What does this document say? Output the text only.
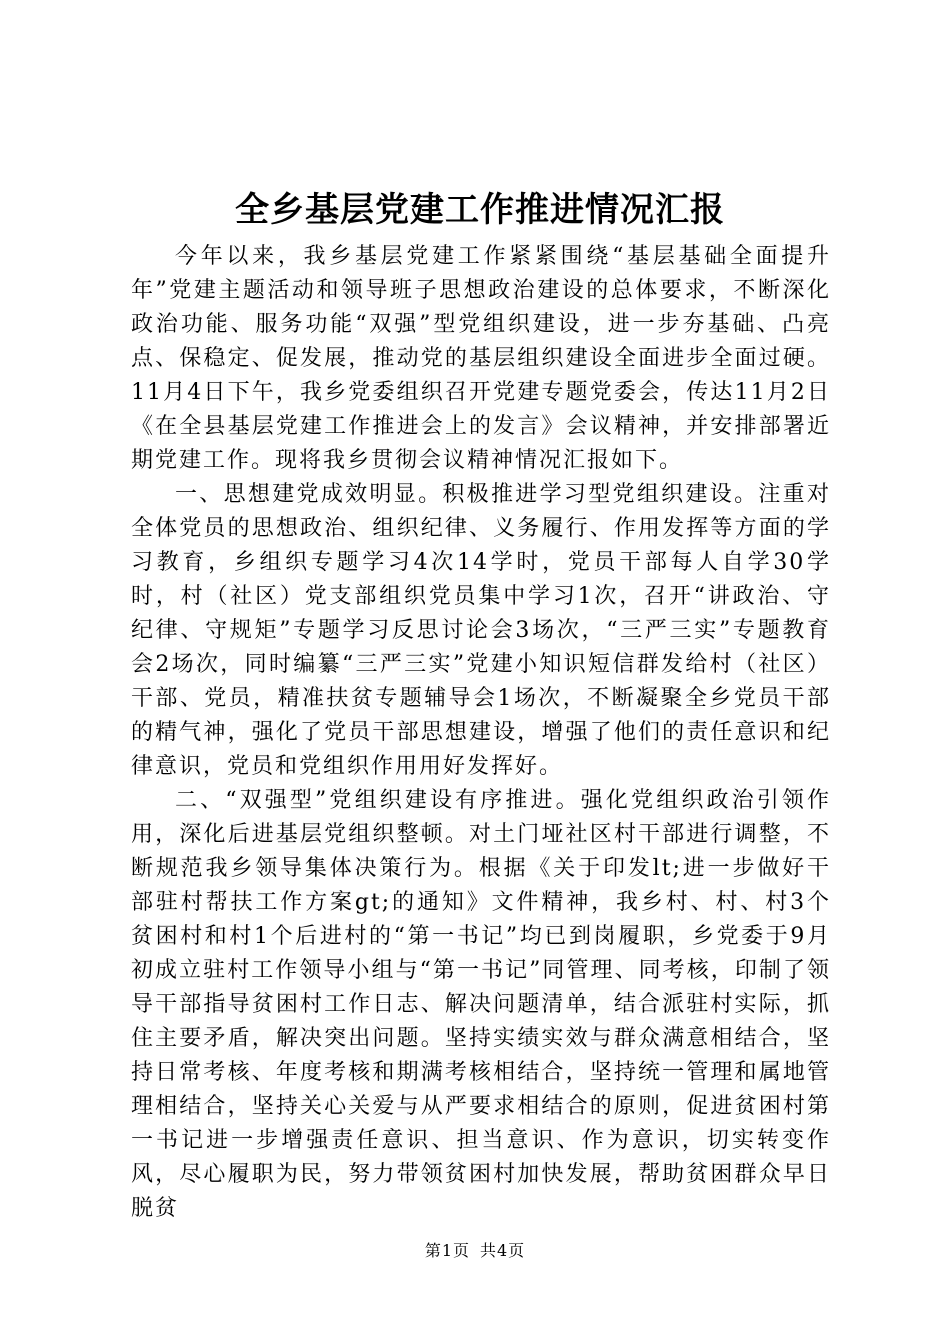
全乡基层党建工作推进情况汇报

今年以来，我乡基层党建工作紧紧围绕“基层基础全面提升年”党建主题活动和领导班子思想政治建设的总体要求，不断深化政治功能、服务功能“双强”型党组织建设，进一步夯基础、凸亮点、保稳定、促发展，推动党的基层组织建设全面进步全面过硬。11月4日下午，我乡党委组织召开党建专题党委会，传达11月2日《在全县基层党建工作推进会上的发言》会议精神，并安排部署近期党建工作。现将我乡贯彻会议精神情况汇报如下。

一、思想建党成效明显。积极推进学习型党组织建设。注重对全体党员的思想政治、组织纪律、义务履行、作用发挥等方面的学习教育，乡组织专题学习4次14学时，党员干部每人自学30学时，村（社区）党支部组织党员集中学习1次，召开“讲政治、守纪律、守规矩”专题学习反思讨论会3场次，“三严三实”专题教育会2场次，同时编纂“三严三实”党建小知识短信群发给村（社区）干部、党员，精准扶贫专题辅导会1场次，不断凝聚全乡党员干部的精气神，强化了党员干部思想建设，增强了他们的责任意识和纪律意识，党员和党组织作用用好发挥好。

二、“双强型”党组织建设有序推进。强化党组织政治引领作用，深化后进基层党组织整顿。对土门垭社区村干部进行调整，不断规范我乡领导集体决策行为。根据《关于印发lt;进一步做好干部驻村帮扶工作方案gt;的通知》文件精神，我乡村、村、村3个贫困村和村1个后进村的“第一书记”均已到岗履职，乡党委于9月初成立驻村工作领导小组与“第一书记”同管理、同考核，印制了领导干部指导贫困村工作日志、解决问题清单，结合派驻村实际，抓住主要矛盾，解决突出问题。坚持实绩实效与群众满意相结合，坚持日常考核、年度考核和期满考核相结合，坚持统一管理和属地管理相结合，坚持关心关爱与从严要求相结合的原则，促进贫困村第一书记进一步增强责任意识、担当意识、作为意识，切实转变作风，尽心履职为民，努力带领贫困村加快发展，帮助贫困群众早日脱贫

第1页 共4页
